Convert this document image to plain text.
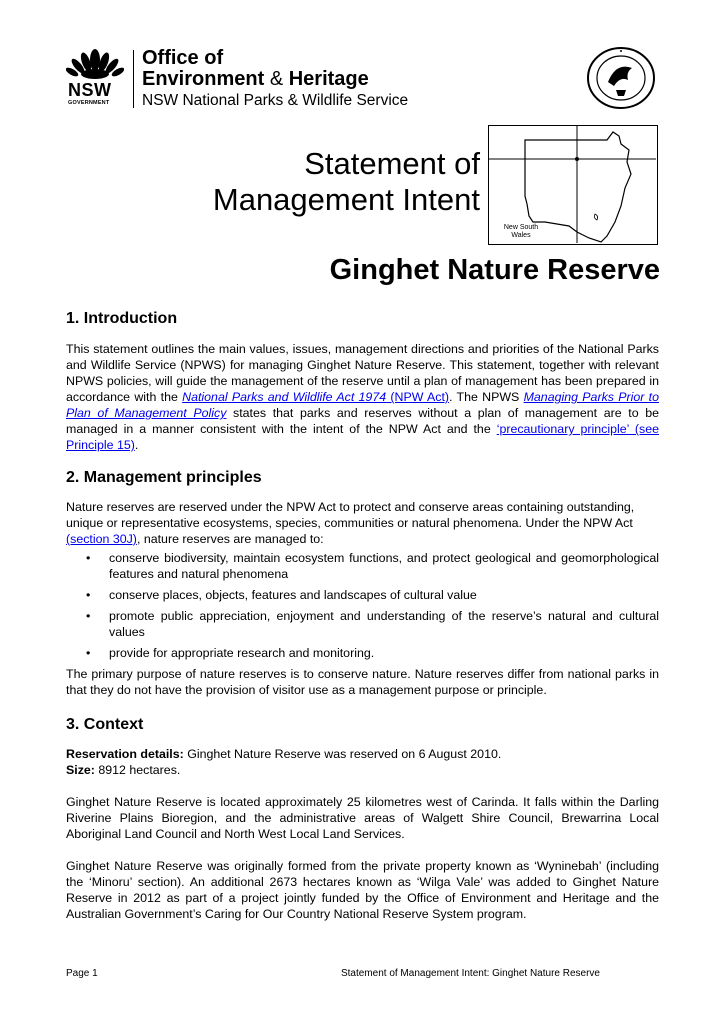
NSW
GOVERNMENT
Office of
Environment & Heritage
NSW National Parks & Wildlife Service
Statement of
Management Intent
New South
Wales
Ginghet Nature Reserve
1. Introduction

This statement outlines the main values, issues, management directions and priorities of the National Parks and Wildlife Service (NPWS) for managing Ginghet Nature Reserve. This statement, together with relevant NPWS policies, will guide the management of the reserve until a plan of management has been prepared in accordance with the National Parks and Wildlife Act 1974 (NPW Act). The NPWS Managing Parks Prior to Plan of Management Policy states that parks and reserves without a plan of management are to be managed in a manner consistent with the intent of the NPW Act and the ‘precautionary principle’ (see Principle 15).

2. Management principles

Nature reserves are reserved under the NPW Act to protect and conserve areas containing outstanding, unique or representative ecosystems, species, communities or natural phenomena. Under the NPW Act (section 30J), nature reserves are managed to:

• conserve biodiversity, maintain ecosystem functions, and protect geological and geomorphological features and natural phenomena
• conserve places, objects, features and landscapes of cultural value
• promote public appreciation, enjoyment and understanding of the reserve’s natural and cultural values
• provide for appropriate research and monitoring.

The primary purpose of nature reserves is to conserve nature. Nature reserves differ from national parks in that they do not have the provision of visitor use as a management purpose or principle.

3. Context

Reservation details: Ginghet Nature Reserve was reserved on 6 August 2010.
Size: 8912 hectares.

Ginghet Nature Reserve is located approximately 25 kilometres west of Carinda. It falls within the Darling Riverine Plains Bioregion, and the administrative areas of Walgett Shire Council, Brewarrina Local Aboriginal Land Council and North West Local Land Services.

Ginghet Nature Reserve was originally formed from the private property known as ‘Wyninebah’ (including the ‘Minoru’ section). An additional 2673 hectares known as ‘Wilga Vale’ was added to Ginghet Nature Reserve in 2012 as part of a project jointly funded by the Office of Environment and Heritage and the Australian Government’s Caring for Our Country National Reserve System program.

Page 1	Statement of Management Intent: Ginghet Nature Reserve
